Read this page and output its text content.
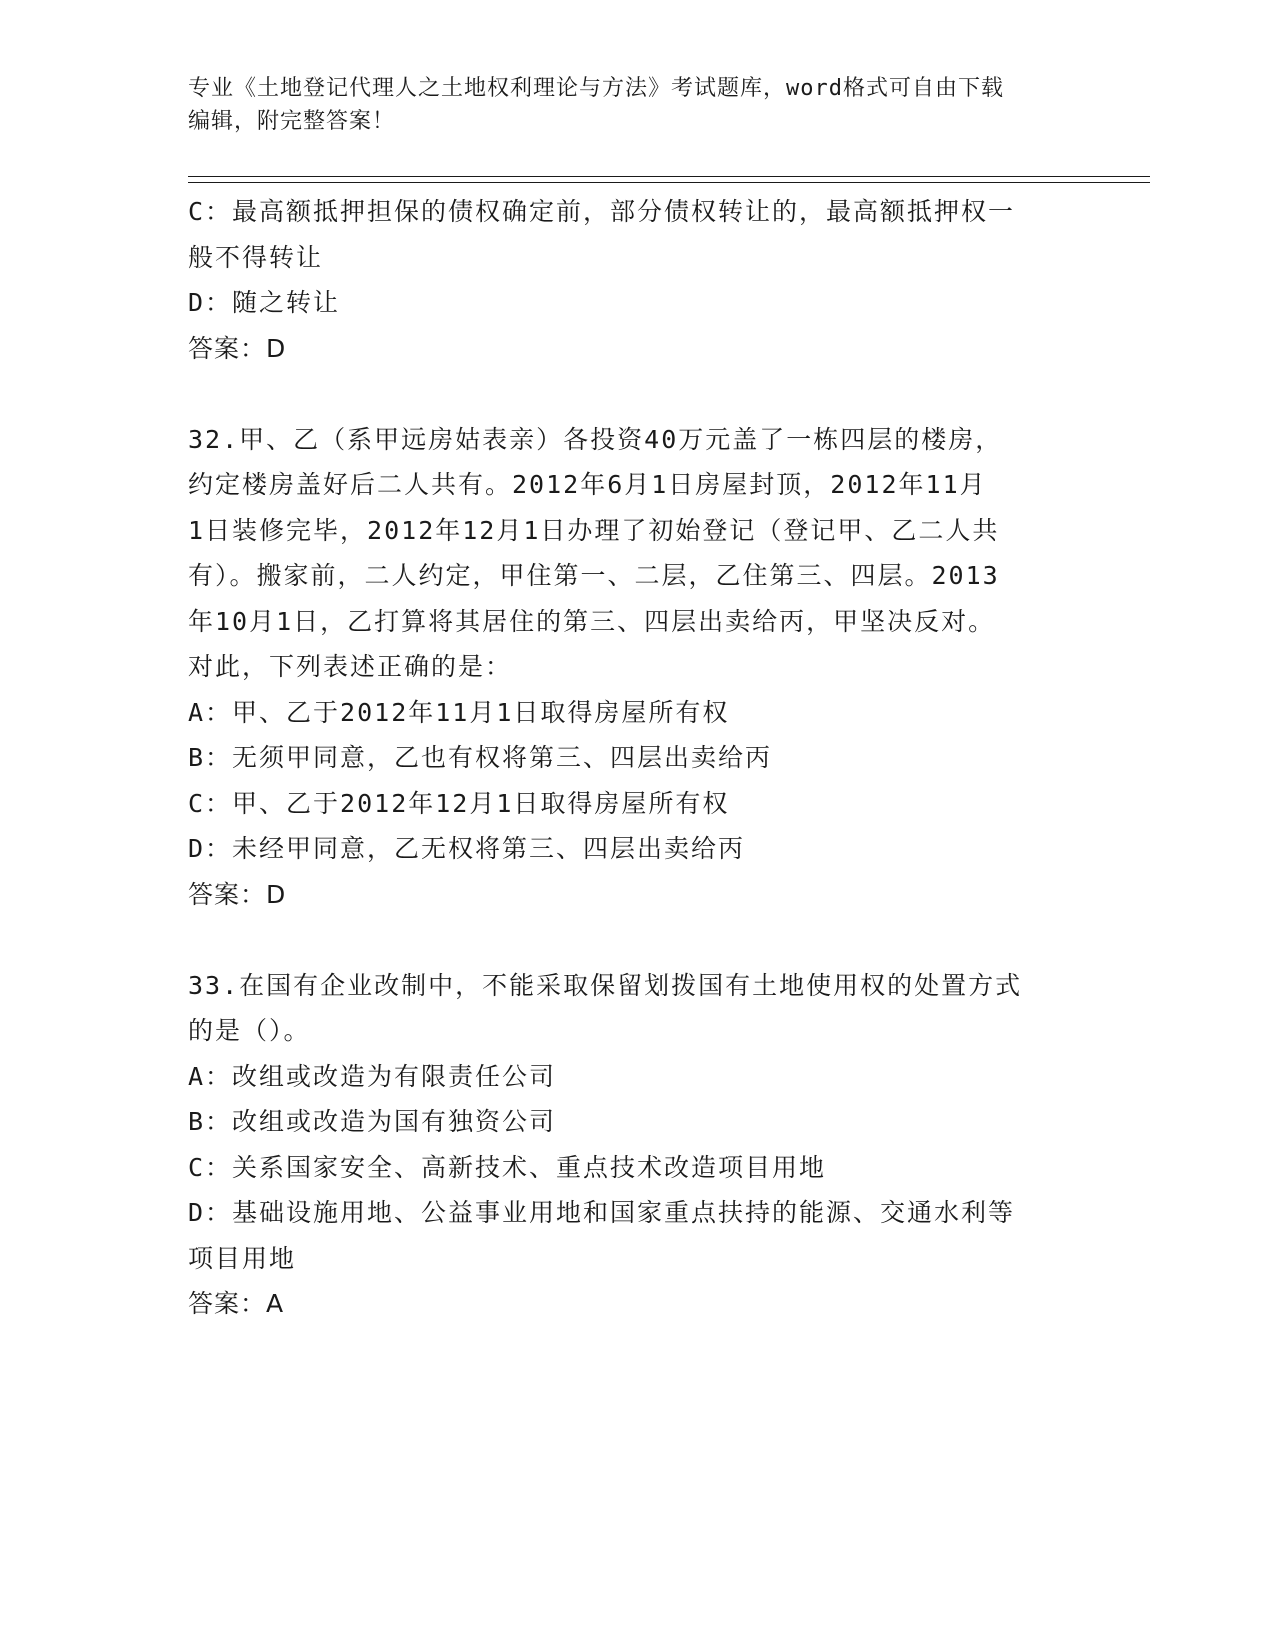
专业《土地登记代理人之土地权利理论与方法》考试题库，word格式可自由下载
编辑，附完整答案！
C：最高额抵押担保的债权确定前，部分债权转让的，最高额抵押权一
般不得转让
D：随之转让
答案：D
32.甲、乙（系甲远房姑表亲）各投资40万元盖了一栋四层的楼房，
约定楼房盖好后二人共有。2012年6月1日房屋封顶，2012年11月
1日装修完毕，2012年12月1日办理了初始登记（登记甲、乙二人共
有）。搬家前，二人约定，甲住第一、二层，乙住第三、四层。2013
年10月1日，乙打算将其居住的第三、四层出卖给丙，甲坚决反对。
对此，下列表述正确的是：
A：甲、乙于2012年11月1日取得房屋所有权
B：无须甲同意，乙也有权将第三、四层出卖给丙
C：甲、乙于2012年12月1日取得房屋所有权
D：未经甲同意，乙无权将第三、四层出卖给丙
答案：D
33.在国有企业改制中，不能采取保留划拨国有土地使用权的处置方式
的是（）。
A：改组或改造为有限责任公司
B：改组或改造为国有独资公司
C：关系国家安全、高新技术、重点技术改造项目用地
D：基础设施用地、公益事业用地和国家重点扶持的能源、交通水利等
项目用地
答案：A
